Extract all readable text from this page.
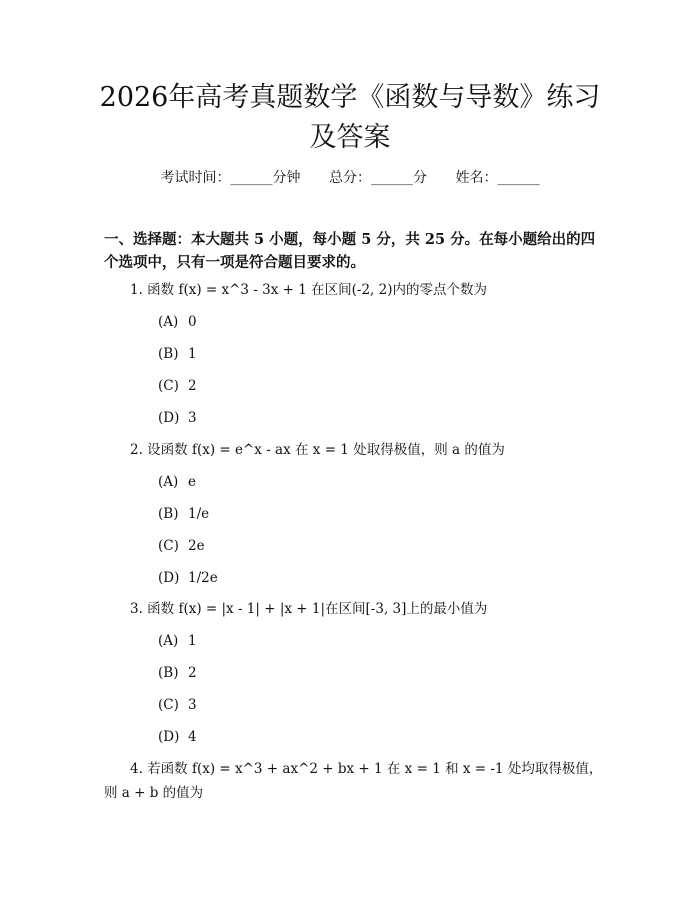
2026年高考真题数学《函数与导数》练习及答案
考试时间：______分钟 总分：______分 姓名：______

一、选择题：本大题共 5 小题，每小题 5 分，共 25 分。在每小题给出的四个选项中，只有一项是符合题目要求的。

1. 函数 f(x) = x^3 - 3x + 1 在区间(-2, 2)内的零点个数为
(A) 0
(B) 1
(C) 2
(D) 3
2. 设函数 f(x) = e^x - ax 在 x = 1 处取得极值，则 a 的值为
(A) e
(B) 1/e
(C) 2e
(D) 1/2e
3. 函数 f(x) = |x - 1| + |x + 1|在区间[-3, 3]上的最小值为
(A) 1
(B) 2
(C) 3
(D) 4
4. 若函数 f(x) = x^3 + ax^2 + bx + 1 在 x = 1 和 x = -1 处均取得极值，则 a + b 的值为
